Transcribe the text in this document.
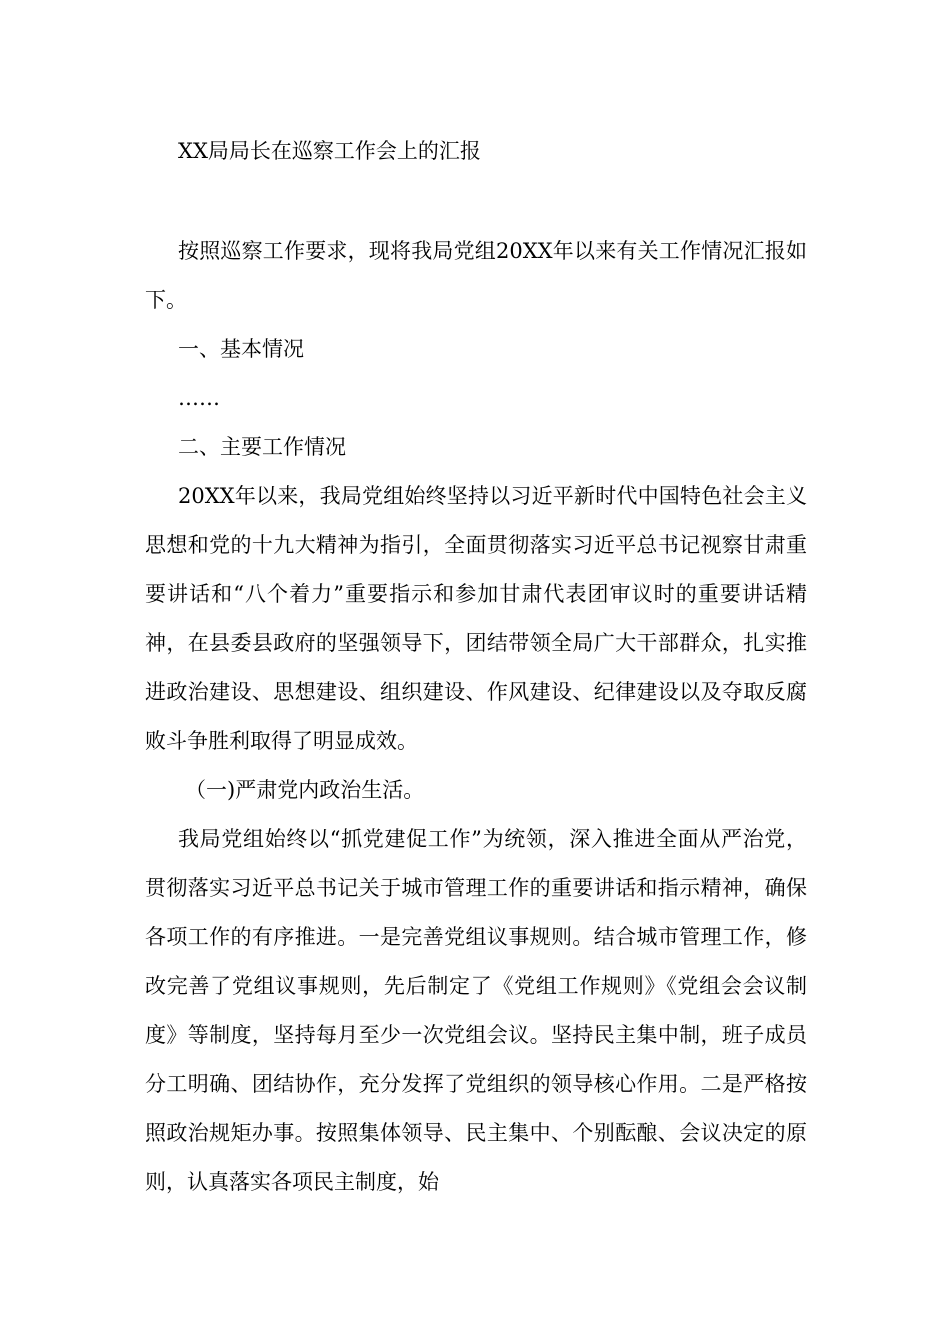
XX局局长在巡察工作会上的汇报

按照巡察工作要求，现将我局党组20XX年以来有关工作情况汇报如下。

一、基本情况

……

二、主要工作情况

20XX年以来，我局党组始终坚持以习近平新时代中国特色社会主义思想和党的十九大精神为指引，全面贯彻落实习近平总书记视察甘肃重要讲话和“八个着力”重要指示和参加甘肃代表团审议时的重要讲话精神，在县委县政府的坚强领导下，团结带领全局广大干部群众，扎实推进政治建设、思想建设、组织建设、作风建设、纪律建设以及夺取反腐败斗争胜利取得了明显成效。

（一)严肃党内政治生活。

我局党组始终以“抓党建促工作”为统领，深入推进全面从严治党，贯彻落实习近平总书记关于城市管理工作的重要讲话和指示精神，确保各项工作的有序推进。一是完善党组议事规则。结合城市管理工作，修改完善了党组议事规则，先后制定了《党组工作规则》《党组会会议制度》等制度，坚持每月至少一次党组会议。坚持民主集中制，班子成员分工明确、团结协作，充分发挥了党组织的领导核心作用。二是严格按照政治规矩办事。按照集体领导、民主集中、个别酝酿、会议决定的原则，认真落实各项民主制度，始
